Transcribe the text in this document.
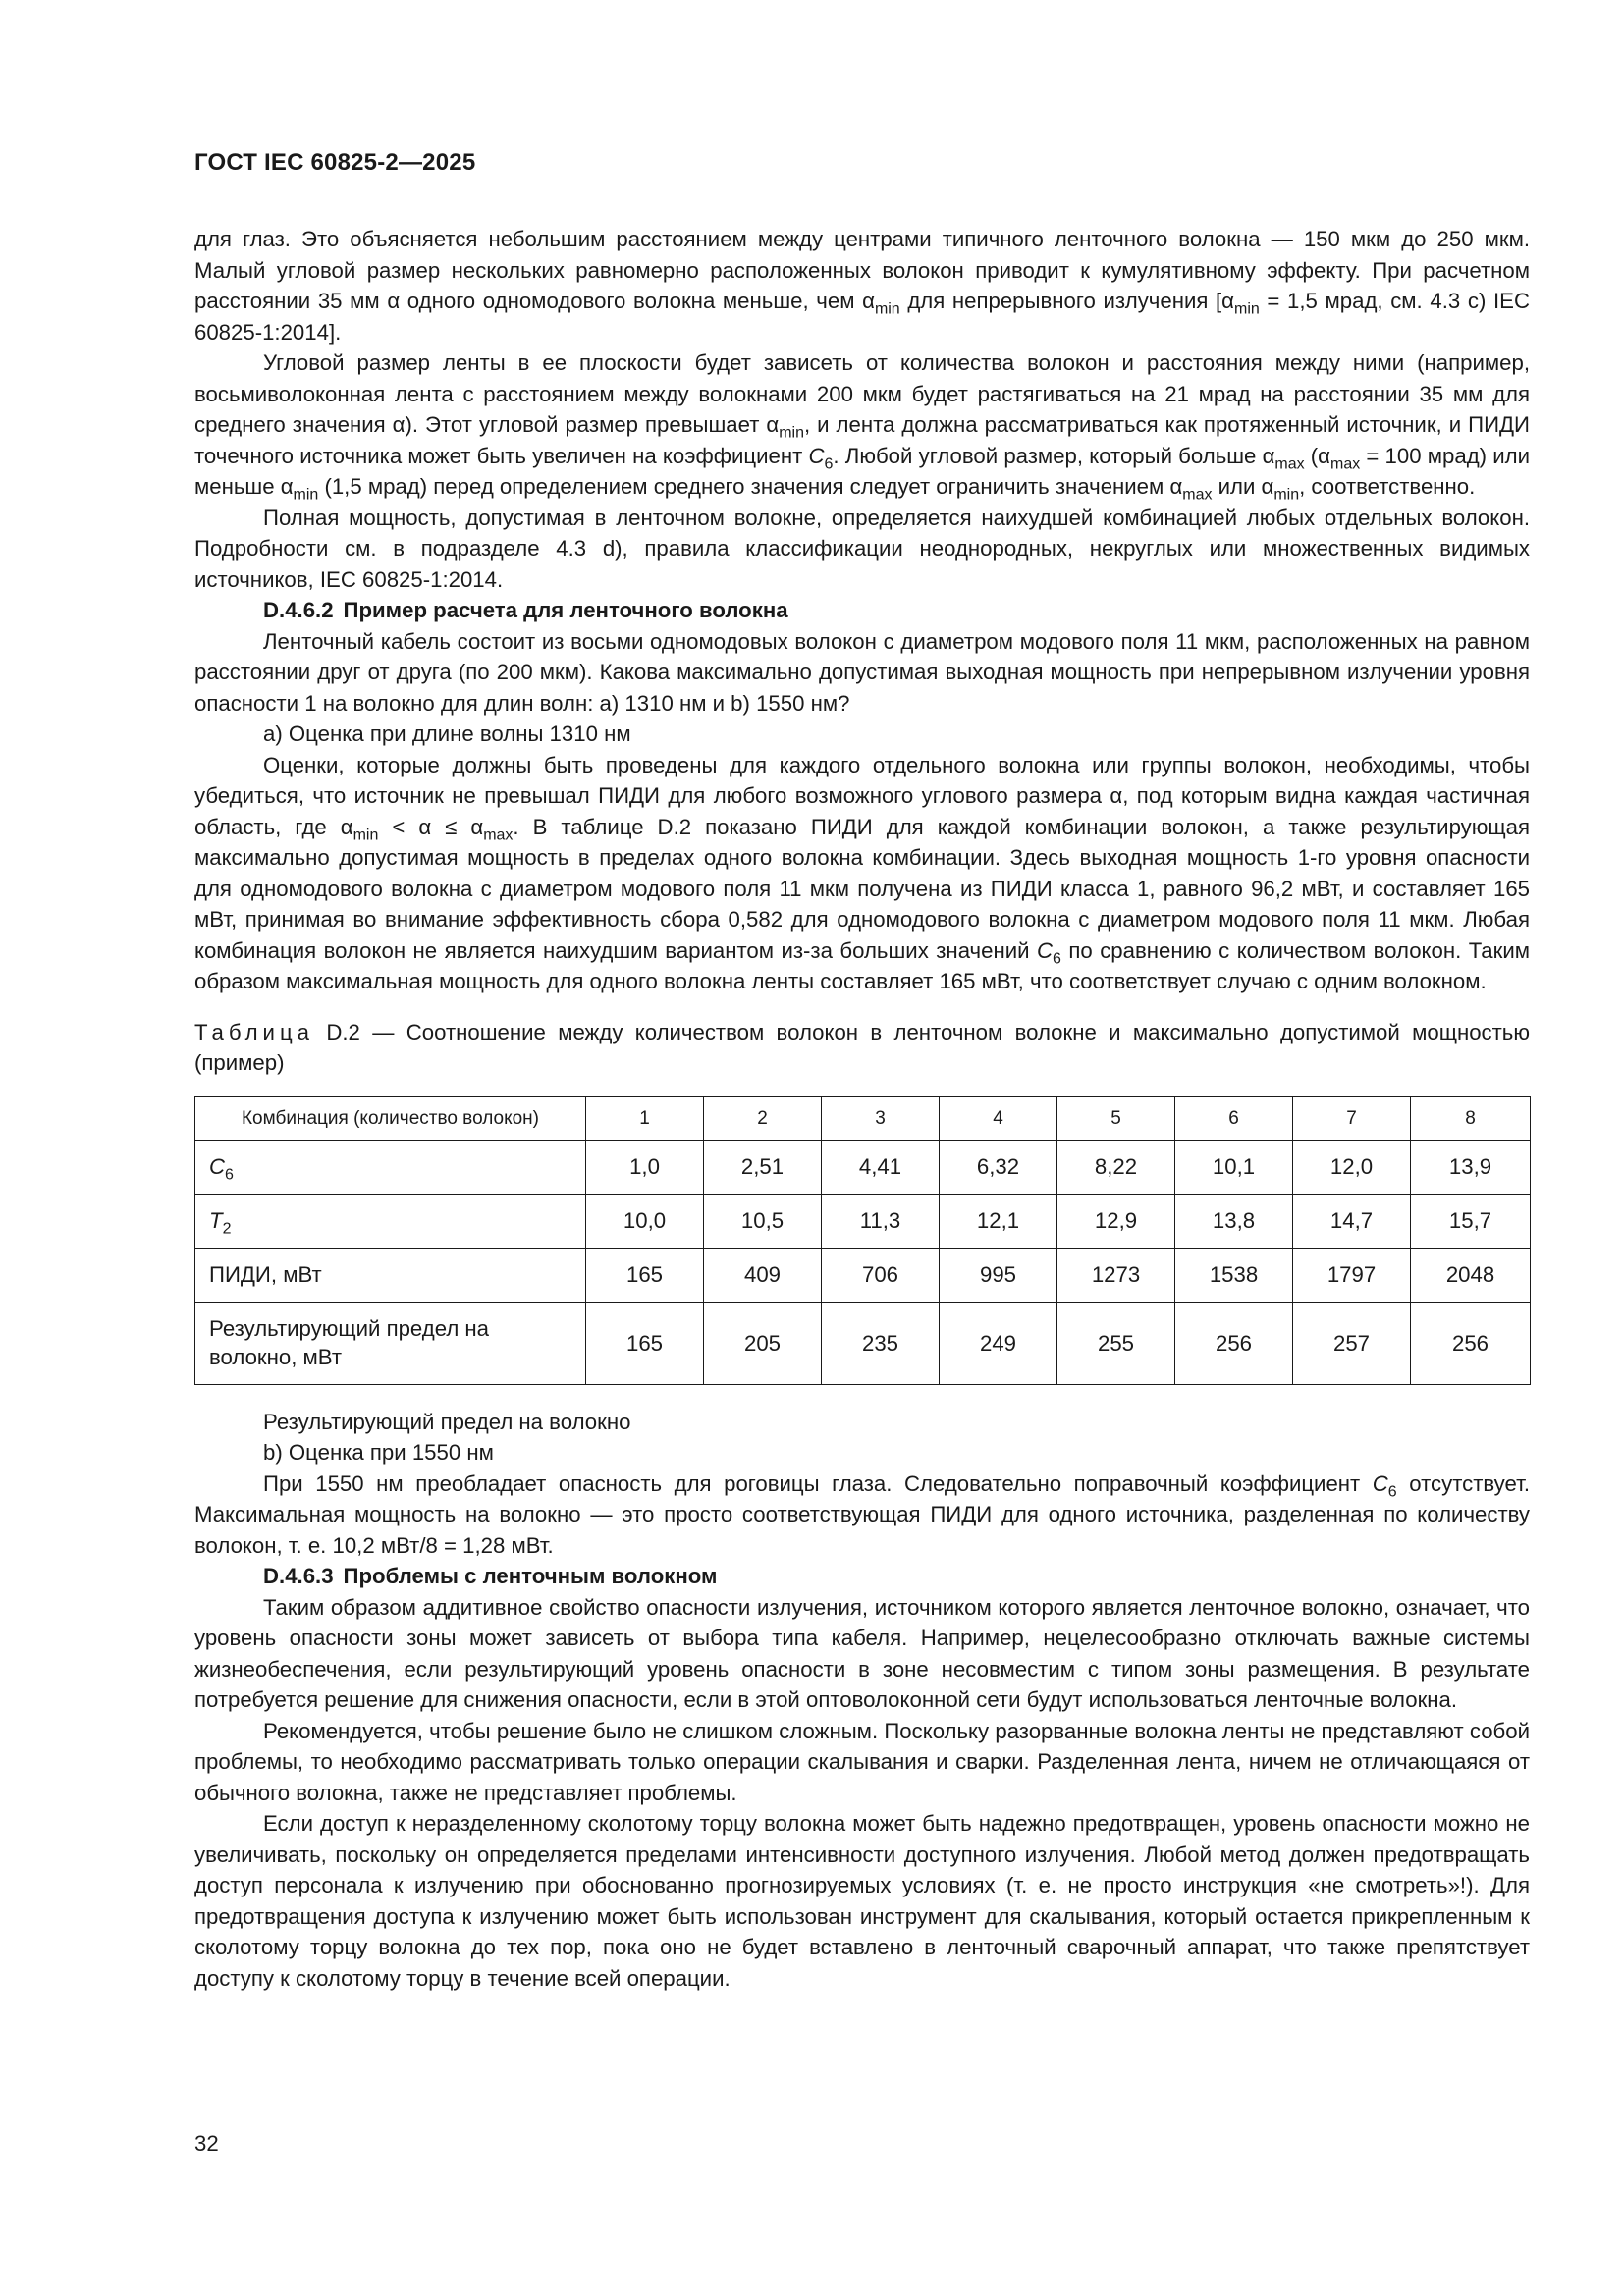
ГОСТ IEC 60825-2—2025

для глаз. Это объясняется небольшим расстоянием между центрами типичного ленточного волокна — 150 мкм до 250 мкм. Малый угловой размер нескольких равномерно расположенных волокон приводит к кумулятивному эффекту. При расчетном расстоянии 35 мм α одного одномодового волокна меньше, чем $\alpha_{min}$ для непрерывного излучения [$\alpha_{min} = 1,5$ мрад, см. 4.3 с) IEC 60825-1:2014].

Угловой размер ленты в ее плоскости будет зависеть от количества волокон и расстояния между ними (например, восьмиволоконная лента с расстоянием между волокнами 200 мкм будет растягиваться на 21 мрад на расстоянии 35 мм для среднего значения α). Этот угловой размер превышает $\alpha_{min}$, и лента должна рассматриваться как протяженный источник, и ПИДИ точечного источника может быть увеличен на коэффициент $C_6$. Любой угловой размер, который больше $\alpha_{max}$ ($\alpha_{max} = 100$ мрад) или меньше $\alpha_{min}$ (1,5 мрад) перед определением среднего значения следует ограничить значением $\alpha_{max}$ или $\alpha_{min}$, соответственно.

Полная мощность, допустимая в ленточном волокне, определяется наихудшей комбинацией любых отдельных волокон. Подробности см. в подразделе 4.3 d), правила классификации неоднородных, некруглых или множественных видимых источников, IEC 60825-1:2014.

D.4.6.2 Пример расчета для ленточного волокна

Ленточный кабель состоит из восьми одномодовых волокон с диаметром модового поля 11 мкм, расположенных на равном расстоянии друг от друга (по 200 мкм). Какова максимально допустимая выходная мощность при непрерывном излучении уровня опасности 1 на волокно для длин волн: а) 1310 нм и b) 1550 нм?

а) Оценка при длине волны 1310 нм

Оценки, которые должны быть проведены для каждого отдельного волокна или группы волокон, необходимы, чтобы убедиться, что источник не превышал ПИДИ для любого возможного углового размера α, под которым видна каждая частичная область, где $\alpha_{min} < \alpha \le \alpha_{max}$. В таблице D.2 показано ПИДИ для каждой комбинации волокон, а также результирующая максимально допустимая мощность в пределах одного волокна комбинации. Здесь выходная мощность 1-го уровня опасности для одномодового волокна с диаметром модового поля 11 мкм получена из ПИДИ класса 1, равного 96,2 мВт, и составляет 165 мВт, принимая во внимание эффективность сбора 0,582 для одномодового волокна с диаметром модового поля 11 мкм. Любая комбинация волокон не является наихудшим вариантом из-за больших значений $C_6$ по сравнению с количеством волокон. Таким образом максимальная мощность для одного волокна ленты составляет 165 мВт, что соответствует случаю с одним волокном.

Таблица D.2 — Соотношение между количеством волокон в ленточном волокне и максимально допустимой мощностью (пример)

Комбинация (количество волокон)	1	2	3	4	5	6	7	8
$C_6$	1,0	2,51	4,41	6,32	8,22	10,1	12,0	13,9
$T_2$	10,0	10,5	11,3	12,1	12,9	13,8	14,7	15,7
ПИДИ, мВт	165	409	706	995	1273	1538	1797	2048
Результирующий предел на волокно, мВт	165	205	235	249	255	256	257	256

Результирующий предел на волокно

b) Оценка при 1550 нм

При 1550 нм преобладает опасность для роговицы глаза. Следовательно поправочный коэффициент $C_6$ отсутствует. Максимальная мощность на волокно — это просто соответствующая ПИДИ для одного источника, разделенная по количеству волокон, т. е. 10,2 мВт/8 = 1,28 мВт.

D.4.6.3 Проблемы с ленточным волокном

Таким образом аддитивное свойство опасности излучения, источником которого является ленточное волокно, означает, что уровень опасности зоны может зависеть от выбора типа кабеля. Например, нецелесообразно отключать важные системы жизнеобеспечения, если результирующий уровень опасности в зоне несовместим с типом зоны размещения. В результате потребуется решение для снижения опасности, если в этой оптоволоконной сети будут использоваться ленточные волокна.

Рекомендуется, чтобы решение было не слишком сложным. Поскольку разорванные волокна ленты не представляют собой проблемы, то необходимо рассматривать только операции скалывания и сварки. Разделенная лента, ничем не отличающаяся от обычного волокна, также не представляет проблемы.

Если доступ к неразделенному сколотому торцу волокна может быть надежно предотвращен, уровень опасности можно не увеличивать, поскольку он определяется пределами интенсивности доступного излучения. Любой метод должен предотвращать доступ персонала к излучению при обоснованно прогнозируемых условиях (т. е. не просто инструкция «не смотреть»!). Для предотвращения доступа к излучению может быть использован инструмент для скалывания, который остается прикрепленным к сколотому торцу волокна до тех пор, пока оно не будет вставлено в ленточный сварочный аппарат, что также препятствует доступу к сколотому торцу в течение всей операции.

32
